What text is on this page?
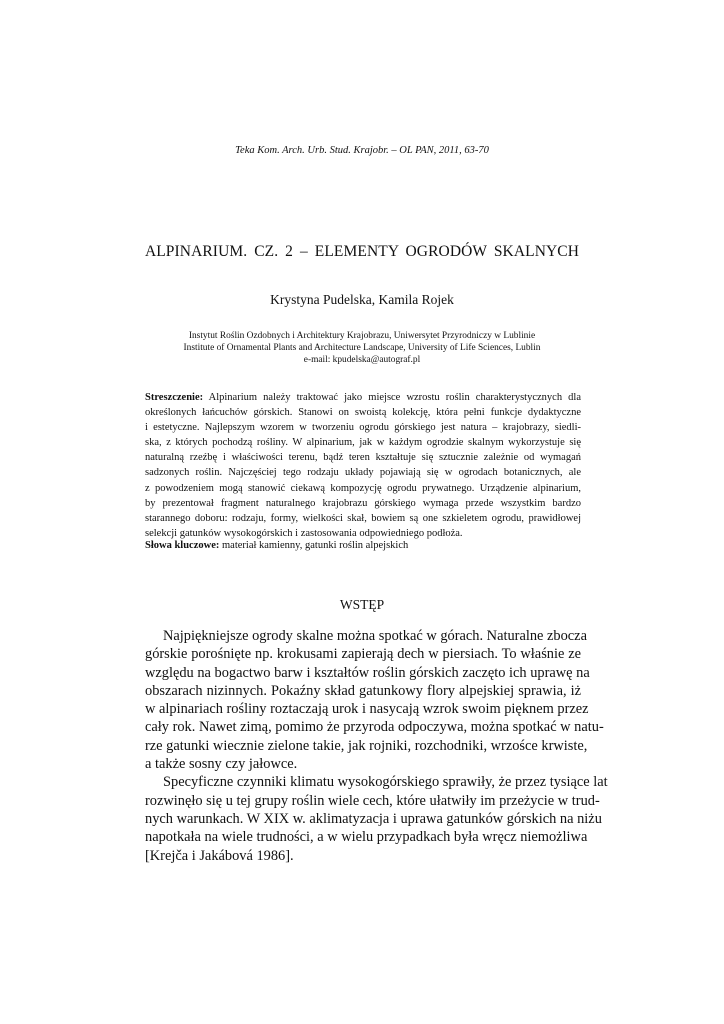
Teka Kom. Arch. Urb. Stud. Krajobr. – OL PAN, 2011, 63-70
ALPINARIUM. CZ. 2 – ELEMENTY OGRODÓW SKALNYCH
Krystyna Pudelska, Kamila Rojek
Instytut Roślin Ozdobnych i Architektury Krajobrazu, Uniwersytet Przyrodniczy w Lublinie
Institute of Ornamental Plants and Architecture Landscape, University of Life Sciences, Lublin
e-mail: kpudelska@autograf.pl
Streszczenie: Alpinarium należy traktować jako miejsce wzrostu roślin charakterystycznych dla
określonych łańcuchów górskich. Stanowi on swoistą kolekcję, która pełni funkcje dydaktyczne
i estetyczne. Najlepszym wzorem w tworzeniu ogrodu górskiego jest natura – krajobrazy, siedli-
ska, z których pochodzą rośliny. W alpinarium, jak w każdym ogrodzie skalnym wykorzystuje się
naturalną rzeźbę i właściwości terenu, bądź teren kształtuje się sztucznie zależnie od wymagań
sadzonych roślin. Najczęściej tego rodzaju układy pojawiają się w ogrodach botanicznych, ale
z powodzeniem mogą stanowić ciekawą kompozycję ogrodu prywatnego. Urządzenie alpinarium,
by prezentował fragment naturalnego krajobrazu górskiego wymaga przede wszystkim bardzo
starannego doboru: rodzaju, formy, wielkości skał, bowiem są one szkieletem ogrodu, prawidłowej
selekcji gatunków wysokogórskich i zastosowania odpowiedniego podłoża.
Słowa kluczowe: materiał kamienny, gatunki roślin alpejskich
WSTĘP
Najpiękniejsze ogrody skalne można spotkać w górach. Naturalne zbocza
górskie porośnięte np. krokusami zapierają dech w piersiach. To właśnie ze
względu na bogactwo barw i kształtów roślin górskich zaczęto ich uprawę na
obszarach nizinnych. Pokaźny skład gatunkowy flory alpejskiej sprawia, iż
w alpinariach rośliny roztaczają urok i nasycają wzrok swoim pięknem przez
cały rok. Nawet zimą, pomimo że przyroda odpoczywa, można spotkać w natu-
rze gatunki wiecznie zielone takie, jak rojniki, rozchodniki, wrzośce krwiste,
a także sosny czy jałowce.
Specyficzne czynniki klimatu wysokogórskiego sprawiły, że przez tysiące lat
rozwinęło się u tej grupy roślin wiele cech, które ułatwiły im przeżycie w trud-
nych warunkach. W XIX w. aklimatyzacja i uprawa gatunków górskich na niżu
napotkała na wiele trudności, a w wielu przypadkach była wręcz niemożliwa
[Krejča i Jakábová 1986].
